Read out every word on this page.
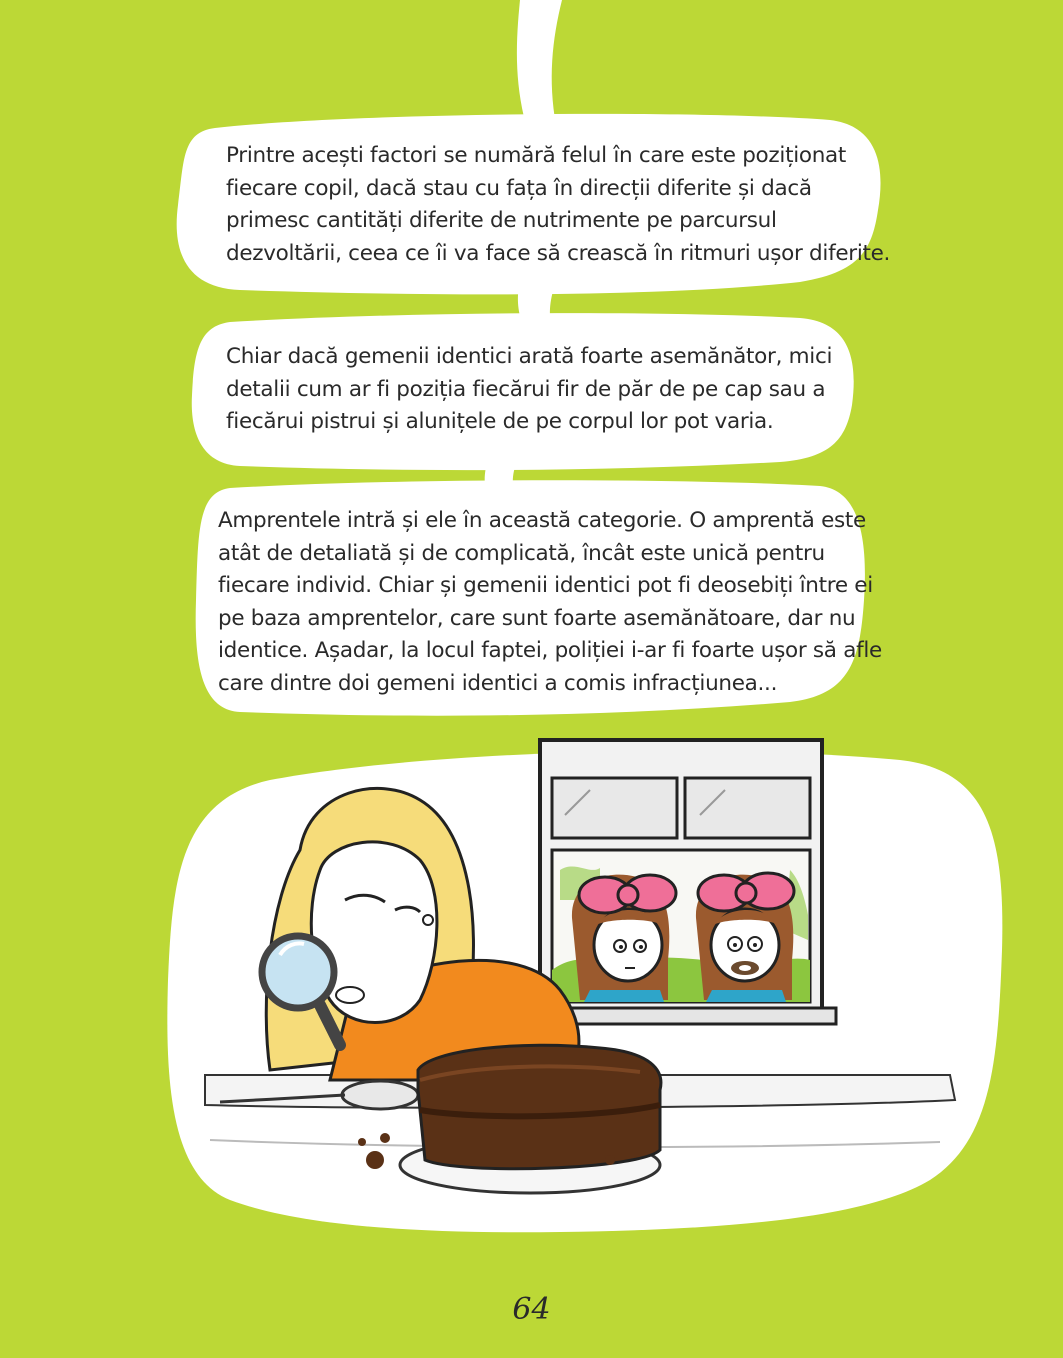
Printre acești factori se numără felul în care este poziționat
fiecare copil, dacă stau cu fața în direcții diferite și dacă
primesc cantități diferite de nutrimente pe parcursul
dezvoltării, ceea ce îi va face să crească în ritmuri ușor diferite.

Chiar dacă gemenii identici arată foarte asemănător, mici
detalii cum ar fi poziția fiecărui fir de păr de pe cap sau a
fiecărui pistrui și alunițele de pe corpul lor pot varia.

Amprentele intră și ele în această categorie. O amprentă este
atât de detaliată și de complicată, încât este unică pentru
fiecare individ. Chiar și gemenii identici pot fi deosebiți între ei
pe baza amprentelor, care sunt foarte asemănătoare, dar nu
identice. Așadar, la locul faptei, poliției i-ar fi foarte ușor să afle
care dintre doi gemeni identici a comis infracțiunea...

64
